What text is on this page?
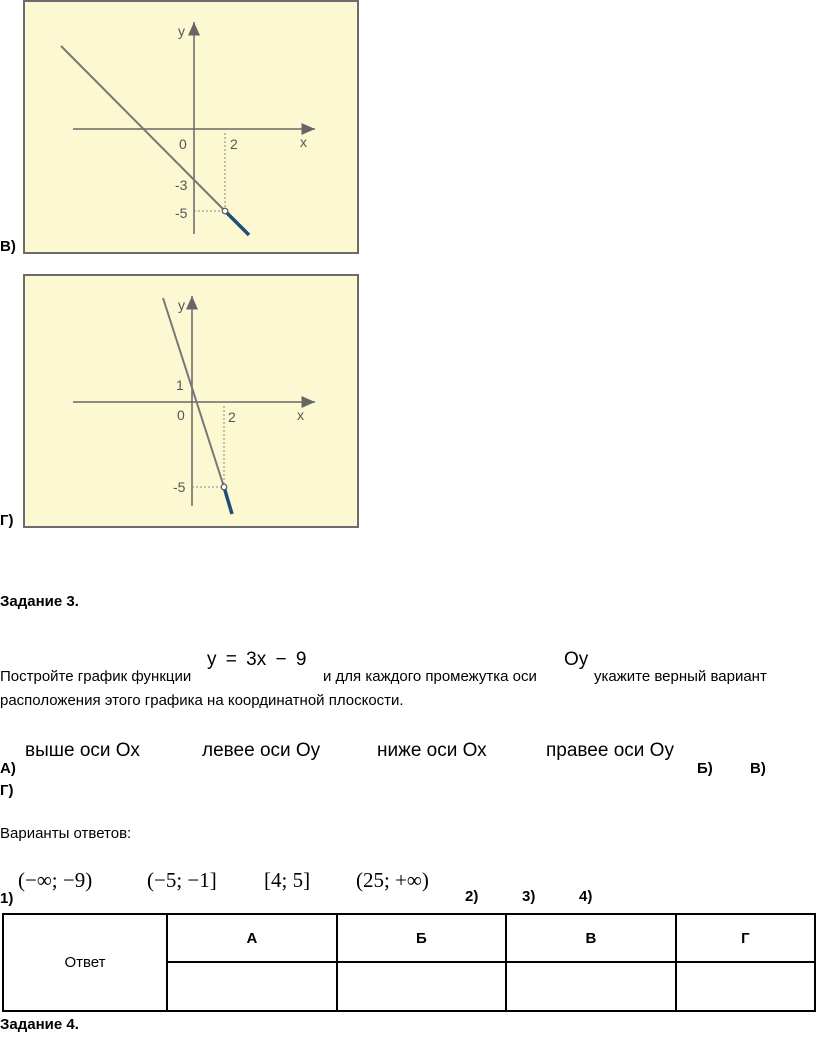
y
x
0	2
-3
-5
В)
y
x
0	2
1
-5
Г)
Задание 3.
Постройте график функции
y = 3x − 9
и для каждого промежутка оси
Oy
укажите верный вариант
расположения этого графика на координатной плоскости.
А)
выше оси Ох	левее оси Оу	ниже оси Ох	правее оси Оу
Б) В)
Г)
Варианты ответов:
1)
(−∞; −9)	(−5; −1] [4; 5] (25; +∞)
2)	3)	4)
Ответ	А	Б	В	Г

Задание 4.
